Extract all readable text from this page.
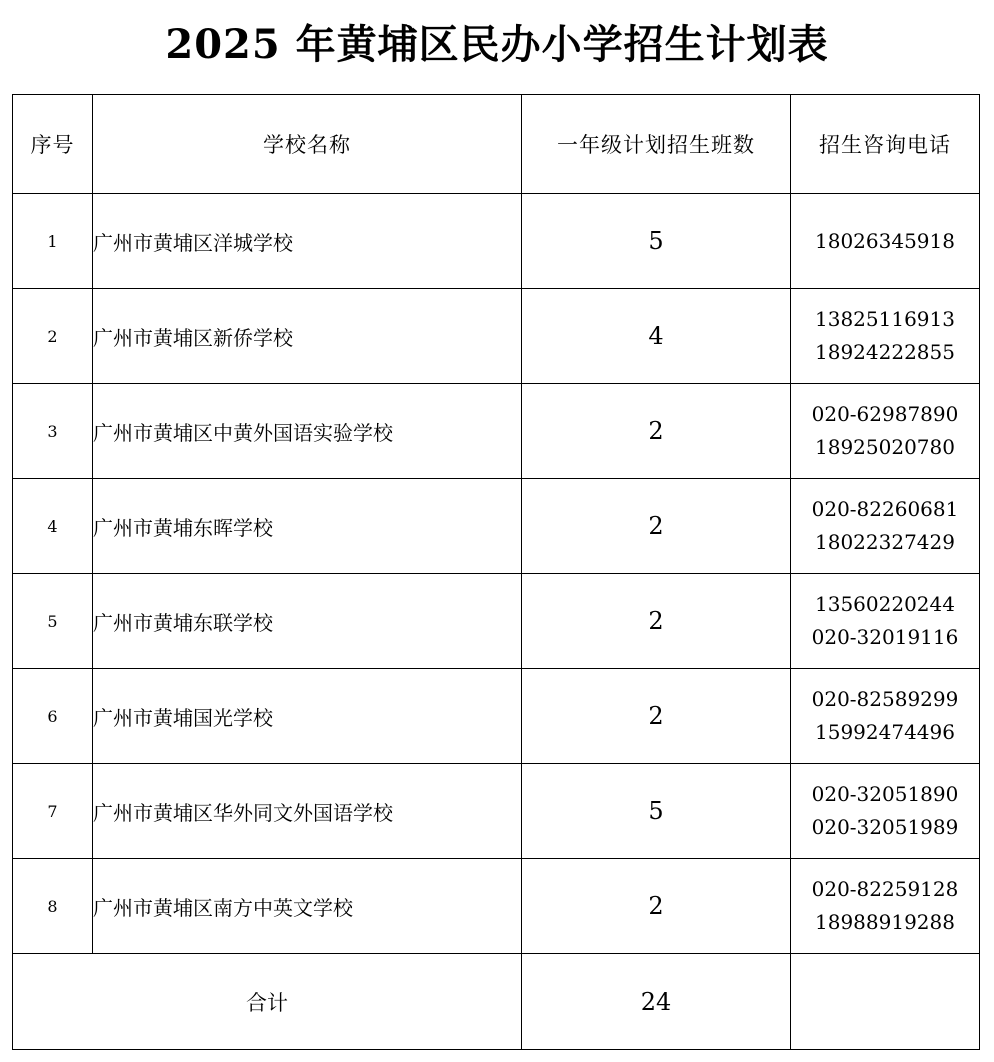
2025 年黄埔区民办小学招生计划表
序号	学校名称	一年级计划招生班数	招生咨询电话
1	广州市黄埔区洋城学校	5	18026345918

2	广州市黄埔区新侨学校	4	13825116913
18924222855

3	广州市黄埔区中黄外国语实验学校	2	020-62987890
18925020780

4	广州市黄埔东晖学校	2	020-82260681
18022327429

5	广州市黄埔东联学校	2	13560220244
020-32019116

6	广州市黄埔国光学校	2	020-82589299
15992474496

7	广州市黄埔区华外同文外国语学校	5	020-32051890
020-32051989

8	广州市黄埔区南方中英文学校	2	020-82259128
18988919288

合计		24	
